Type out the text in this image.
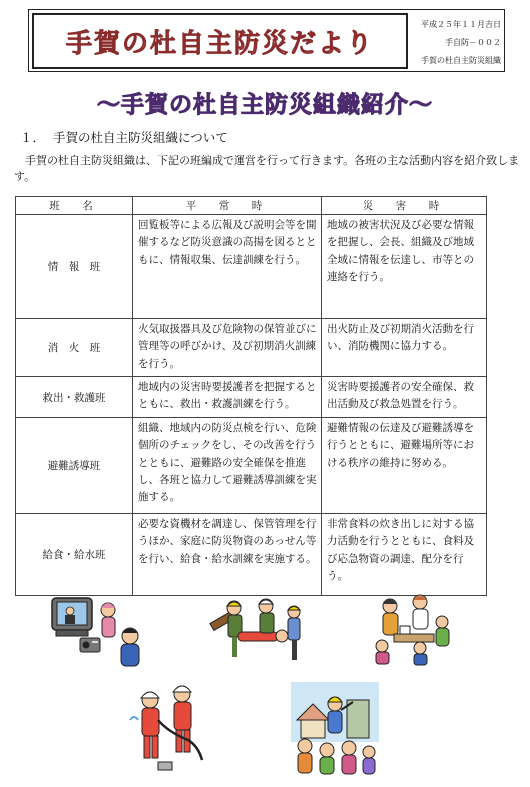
手賀の杜自主防災だより
平成２５年１１月吉日
手自防－００２
手賀の杜自主防災組織
～手賀の杜自主防災組織紹介～
１． 手賀の杜自主防災組織について
手賀の杜自主防災組織は、下記の班編成で運営を行って行きます。各班の主な活動内容を紹介致します。
班　名	平　常　時	災　害　時
情　報　班	回覧板等による広報及び説明会等を開催するなど防災意識の高揚を図るとともに、情報収集、伝達訓練を行う。	地域の被害状況及び必要な情報を把握し、会長、組織及び地域全域に情報を伝達し、市等との連絡を行う。
消　火　班	火気取扱器具及び危険物の保管並びに管理等の呼びかけ、及び初期消火訓練を行う。	出火防止及び初期消火活動を行い、消防機関に協力する。
救出・救護班	地域内の災害時要援護者を把握するとともに、救出・救護訓練を行う。	災害時要援護者の安全確保、救出活動及び救急処置を行う。
避難誘導班	組織、地域内の防災点検を行い、危険個所のチェックをし、その改善を行うとともに、避難路の安全確保を推進し、各班と協力して避難誘導訓練を実施する。	避難情報の伝達及び避難誘導を行うとともに、避難場所等における秩序の維持に努める。
給食・給水班	必要な資機材を調達し、保管管理を行うほか、家庭に防災物資のあっせん等を行い、給食・給水訓練を実施する。	非常食料の炊き出しに対する協力活動を行うとともに、食料及び応急物資の調達、配分を行う。
